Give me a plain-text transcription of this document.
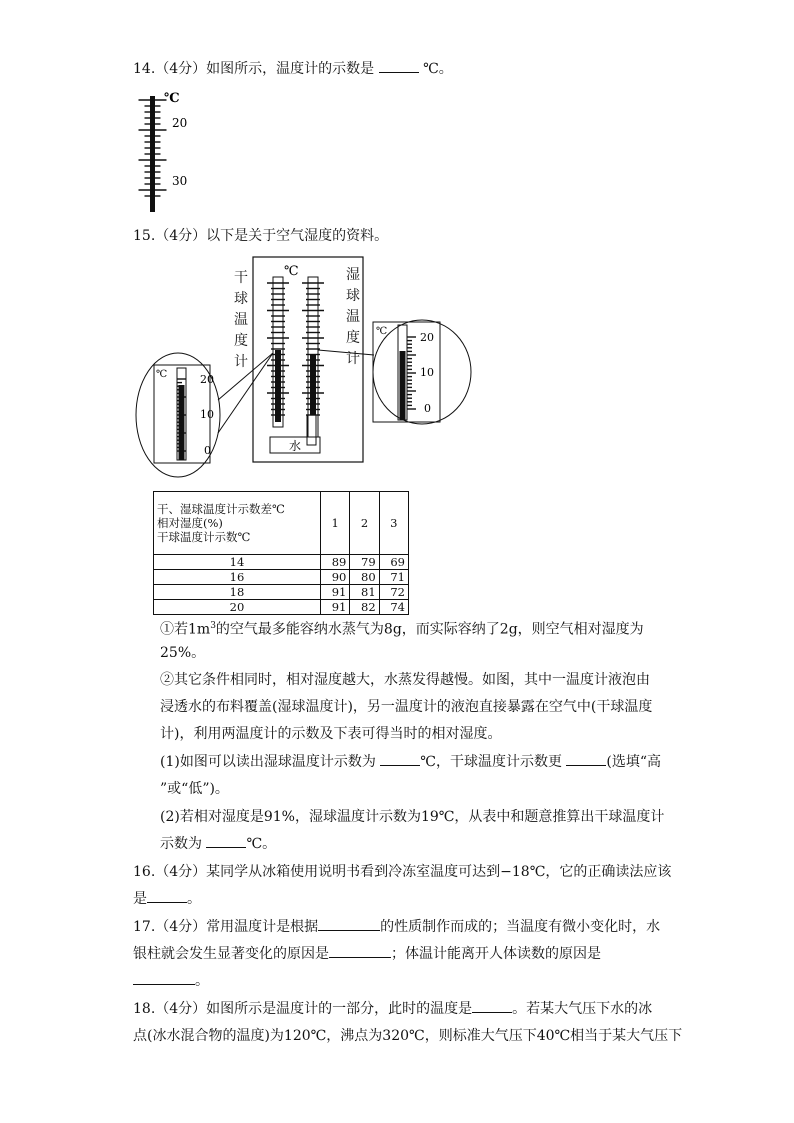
14.（4分）如图所示，温度计的示数是	℃。
℃
20
30
15.（4分）以下是关于空气湿度的资料。
℃
水
℃	20
10
0
℃	20
10
0
干
球
温
度
计
湿
球
温
度
计
干、湿球温度计示数差℃
相对湿度(%)
干球温度计示数℃	1	2	3
14	89	79	69
16	90	80	71
18	91	81	72
20	91	82	74
①若$1m^3$的空气最多能容纳水蒸气为8g，而实际容纳了2g，则空气相对湿度为
25%。
②其它条件相同时，相对湿度越大，水蒸发得越慢。如图，其中一温度计液泡由
浸透水的布料覆盖(湿球温度计)，另一温度计的液泡直接暴露在空气中(干球温度
计)，利用两温度计的示数及下表可得当时的相对湿度。
(1)如图可以读出湿球温度计示数为	℃，干球温度计示数更	(选填“高
”或“低”)。
(2)若相对湿度是91%，湿球温度计示数为19℃，从表中和题意推算出干球温度计
示数为	℃。
16.（4分）某同学从冰箱使用说明书看到冷冻室温度可达到−18℃，它的正确读法应该
是	。
17.（4分）常用温度计是根据	的性质制作而成的；当温度有微小变化时，水
银柱就会发生显著变化的原因是	；体温计能离开人体读数的原因是
。
18.（4分）如图所示是温度计的一部分，此时的温度是	。若某大气压下水的冰
点(冰水混合物的温度)为120℃，沸点为320℃，则标准大气压下40℃相当于某大气压下
